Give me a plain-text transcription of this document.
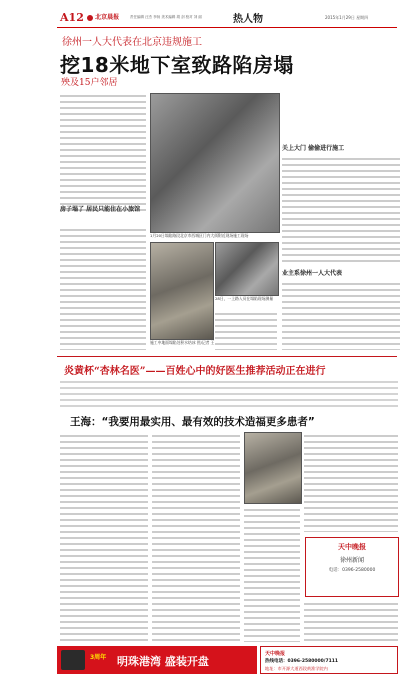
A12	北京晨报	责任编辑 汪杰 李扬 美术编辑 胡 剑 校对 刘 丽	热人物	2015年1月29日 星期四
徐州一人大代表在北京违规施工
挖18米地下室致路陷房塌
殃及15户邻居
房子塌了 居民只能住在小旅馆
1月20日塌陷路段北京市西城区门内大街附近现场施工现场
28日，一上路入员在塌陷现场测量
施工中地面塌陷处积水结冰 图/记者 王
关上大门 偷偷进行施工
业主系徐州一人大代表
炎黄杯“杏林名医”——百姓心中的好医生推荐活动正在进行
王海：“我要用最实用、最有效的技术造福更多患者”
天中晚报
徐州新闻
电话：0396-2580000
3周年 明珠港湾 盛装开盘
天中晚报
热线电话：0396-2580000/7111
地址：市开源大道西段黄淮学院内
